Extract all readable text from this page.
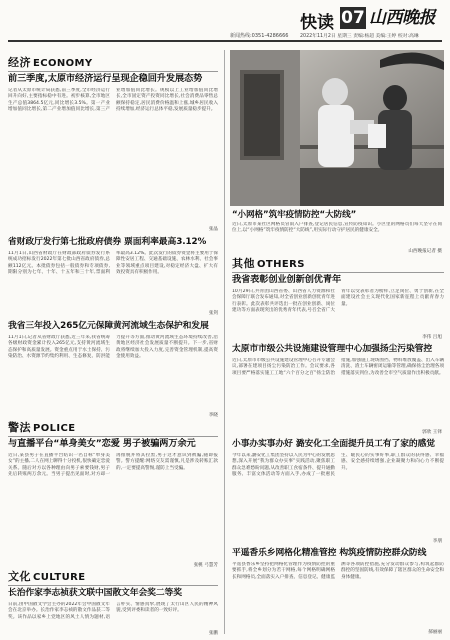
快读 07 山西晚报
新闻热线:0351-4286666 2022年11月2日 星期三 责编:杨超 美编:王婷 校对:高琳
经济 ECONOMY
前三季度,太原市经济运行呈现企稳回升发展态势
记者从太原市统计局获悉,前三季度,全市经济运行回升向好,主要指标稳中有进。初步核算,全市地区生产总值3864.5亿元,同比增长3.5%。第一产业增加值同比增长,第二产业增加值同比增长,第三产业增加值同比增长。规模以上工业增加值同比增长,全市固定资产投资同比增长,社会消费品零售总额保持稳定,居民消费价格温和上涨,城乡居民收入持续增加,经济运行总体平稳,发展质量稳步提升。
张晶
省财政厅发行第七批政府债券 票面利率最高3.12%
11月1日,山西省财政厅在财政部政府债券发行系统成功招标发行2022年第七批山西省政府债券,总额112亿元。本批债券包括一般债券和专项债券,期限分别为七年、十年、十五年和三十年,票面利率最高3.12%。此次发行的债券资金将主要用于保障性安居工程、交通基础设施、农林水利、社会事业等领域重点项目建设,对稳定经济大盘、扩大有效投资具有积极作用。
张剑
我省三年投入265亿元保障黄河流域生态保护和发展
11月1日,记者从省财政厅获悉,近三年来,我省统筹各级财政资金累计投入265亿元,支持黄河流域生态保护和高质量发展。资金重点用于水土保持、污染防治、水资源节约集约利用、生态修复、防洪能力提升等方面,推动黄河流域生态环境持续改善,沿黄地区经济社会发展质量不断提升。下一步,省财政将继续加大投入力度,完善资金管理机制,提高资金使用效益。
李晓
警法 POLICE
与直播平台“单身美女”恋爱 男子被骗两万余元
近日,某县男子在直播平台结识一名自称“单身美女”的主播,二人在网上聊得十分投机,很快确定恋爱关系。随后对方以各种理由向男子索要钱财,男子先后转账两万余元。当男子提出见面时,对方却一再推脱并将其拉黑,男子这才意识到被骗,随即报警。警方提醒:网络交友需谨慎,凡是涉及转账汇款的,一定要提高警惕,谨防上当受骗。
张桃 弓慧芳
文化 CULTURE
长治作家李志祯获文联中国散文年会奖二等奖
日前,由中国散文学会主办的2022年会中国散文年会在北京举办。长治作家李志祯的散文作品获二等奖。该作品以家乡上党地区的风土人情为题材,语言朴实、情感真挚,展现了太行山区人民的精神风貌,受到评委和读者的一致好评。
张鹏
“小网格”筑牢疫情防控“大防线”
近日,太原市某社区网格员冒雨入户排查,登记居民信息,宣传防疫知识。小区里的网格员们每天坚守在岗位上,以“小网格”筑牢疫情防控“大防线”,用实际行动守护居民的健康安全。
山西晚报记者 摄
其他 OTHERS
我省表彰创业创新创优青年
10月29日,共青团山西省委、山西省人力资源和社会保障厅联合发布通知,对全省创业创新创优青年进行表彰。此次表彰共评选出一批在创业创新、岗位建功等方面表现突出的优秀青年代表,号召全省广大青年以受表彰者为榜样,立足岗位、勇于创新,在全面建设社会主义现代化国家新征程上贡献青春力量。
李伟 吕旭
太原市市级公共设施建设管理中心加强扬尘污染管控
近日,太原市市级公共设施建设管理中心召开专题会议,部署在建项目扬尘污染防治工作。会议要求,各项目要严格落实施工工地“六个百分之百”扬尘防治措施,加强施工现场围挡、物料堆放覆盖、出入车辆清洗、渣土车辆密闭运输等管理,确保扬尘治理各项措施落实到位,为改善全市空气质量作出积极贡献。
郭欣 王铎
小事办实事办好 潞安化工全面提升员工有了家的感觉
今年以来,潞安化工集团坚持以人民为中心的发展思想,深入开展“我为群众办实事”实践活动,聚焦职工群众急难愁盼问题,从改善职工食宿条件、提升通勤服务、丰富文体活动等方面入手,办成了一批惠民生、暖民心的实事好事,职工群众的获得感、幸福感、安全感持续增强,企业凝聚力和向心力不断提升。
李朋
平遥香乐乡网格化精准管控 构筑疫情防控群众防线
平遥县香乐乡坚持把网格化管理作为疫情防控的重要抓手,将全乡划分为若干网格,每个网格明确网格长和网格员,全面落实入户排查、信息登记、健康监测等各项防控措施,充分发动群众参与,构筑起群防群控的坚固防线,有效保障了辖区群众的生命安全和身体健康。
郝丽丽
